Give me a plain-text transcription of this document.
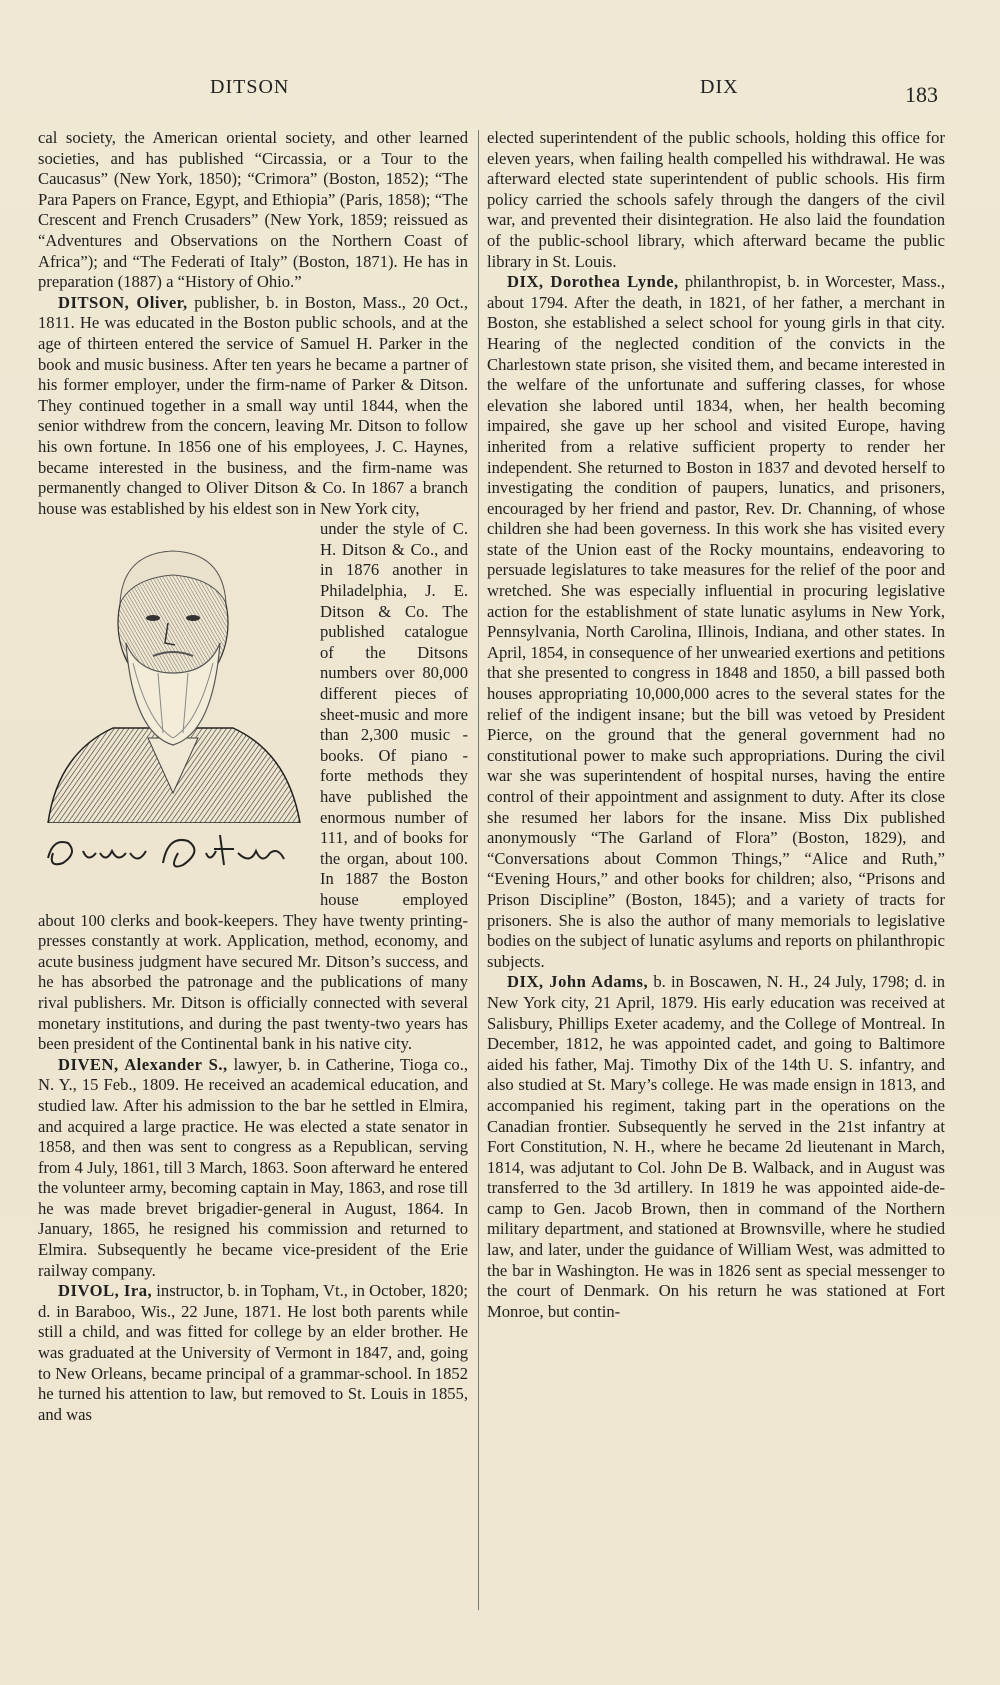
DITSON	DIX	183

cal society, the American oriental society, and other learned societies, and has published “Circassia, or a Tour to the Caucasus” (New York, 1850); “Crimora” (Boston, 1852); “The Para Papers on France, Egypt, and Ethiopia” (Paris, 1858); “The Crescent and French Crusaders” (New York, 1859; reissued as “Adventures and Observations on the Northern Coast of Africa”); and “The Federati of Italy” (Boston, 1871). He has in preparation (1887) a “History of Ohio.”

DITSON, Oliver, publisher, b. in Boston, Mass., 20 Oct., 1811. He was educated in the Boston public schools, and at the age of thirteen entered the service of Samuel H. Parker in the book and music business. After ten years he became a partner of his former employer, under the firm-name of Parker & Ditson. They continued together in a small way until 1844, when the senior withdrew from the concern, leaving Mr. Ditson to follow his own fortune. In 1856 one of his employees, J. C. Haynes, became interested in the business, and the firm-name was permanently changed to Oliver Ditson & Co. In 1867 a branch house was established by his eldest son in New York city,

under the style of C. H. Ditson & Co., and in 1876 another in Philadelphia, J. E. Ditson & Co. The published catalogue of the Ditsons numbers over 80,000 different pieces of sheet-music and more than 2,300 music - books. Of piano - forte methods they have published the enormous number of 111, and of books for the organ, about 100. In 1887 the Boston house employed about 100 clerks and book-keepers. They have twenty printing-presses constantly at work. Application, method, economy, and acute business judgment have secured Mr. Ditson’s success, and he has absorbed the patronage and the publications of many rival publishers. Mr. Ditson is officially connected with several monetary institutions, and during the past twenty-two years has been president of the Continental bank in his native city.

DIVEN, Alexander S., lawyer, b. in Catherine, Tioga co., N. Y., 15 Feb., 1809. He received an academical education, and studied law. After his admission to the bar he settled in Elmira, and acquired a large practice. He was elected a state senator in 1858, and then was sent to congress as a Republican, serving from 4 July, 1861, till 3 March, 1863. Soon afterward he entered the volunteer army, becoming captain in May, 1863, and rose till he was made brevet brigadier-general in August, 1864. In January, 1865, he resigned his commission and returned to Elmira. Subsequently he became vice-president of the Erie railway company.

DIVOL, Ira, instructor, b. in Topham, Vt., in October, 1820; d. in Baraboo, Wis., 22 June, 1871. He lost both parents while still a child, and was fitted for college by an elder brother. He was graduated at the University of Vermont in 1847, and, going to New Orleans, became principal of a grammar-school. In 1852 he turned his attention to law, but removed to St. Louis in 1855, and was

elected superintendent of the public schools, holding this office for eleven years, when failing health compelled his withdrawal. He was afterward elected state superintendent of public schools. His firm policy carried the schools safely through the dangers of the civil war, and prevented their disintegration. He also laid the foundation of the public-school library, which afterward became the public library in St. Louis.

DIX, Dorothea Lynde, philanthropist, b. in Worcester, Mass., about 1794. After the death, in 1821, of her father, a merchant in Boston, she established a select school for young girls in that city. Hearing of the neglected condition of the convicts in the Charlestown state prison, she visited them, and became interested in the welfare of the unfortunate and suffering classes, for whose elevation she labored until 1834, when, her health becoming impaired, she gave up her school and visited Europe, having inherited from a relative sufficient property to render her independent. She returned to Boston in 1837 and devoted herself to investigating the condition of paupers, lunatics, and prisoners, encouraged by her friend and pastor, Rev. Dr. Channing, of whose children she had been governess. In this work she has visited every state of the Union east of the Rocky mountains, endeavoring to persuade legislatures to take measures for the relief of the poor and wretched. She was especially influential in procuring legislative action for the establishment of state lunatic asylums in New York, Pennsylvania, North Carolina, Illinois, Indiana, and other states. In April, 1854, in consequence of her unwearied exertions and petitions that she presented to congress in 1848 and 1850, a bill passed both houses appropriating 10,000,000 acres to the several states for the relief of the indigent insane; but the bill was vetoed by President Pierce, on the ground that the general government had no constitutional power to make such appropriations. During the civil war she was superintendent of hospital nurses, having the entire control of their appointment and assignment to duty. After its close she resumed her labors for the insane. Miss Dix published anonymously “The Garland of Flora” (Boston, 1829), and “Conversations about Common Things,” “Alice and Ruth,” “Evening Hours,” and other books for children; also, “Prisons and Prison Discipline” (Boston, 1845); and a variety of tracts for prisoners. She is also the author of many memorials to legislative bodies on the subject of lunatic asylums and reports on philanthropic subjects.

DIX, John Adams, b. in Boscawen, N. H., 24 July, 1798; d. in New York city, 21 April, 1879. His early education was received at Salisbury, Phillips Exeter academy, and the College of Montreal. In December, 1812, he was appointed cadet, and going to Baltimore aided his father, Maj. Timothy Dix of the 14th U. S. infantry, and also studied at St. Mary’s college. He was made ensign in 1813, and accompanied his regiment, taking part in the operations on the Canadian frontier. Subsequently he served in the 21st infantry at Fort Constitution, N. H., where he became 2d lieutenant in March, 1814, was adjutant to Col. John De B. Walback, and in August was transferred to the 3d artillery. In 1819 he was appointed aide-de-camp to Gen. Jacob Brown, then in command of the Northern military department, and stationed at Brownsville, where he studied law, and later, under the guidance of William West, was admitted to the bar in Washington. He was in 1826 sent as special messenger to the court of Denmark. On his return he was stationed at Fort Monroe, but contin-
